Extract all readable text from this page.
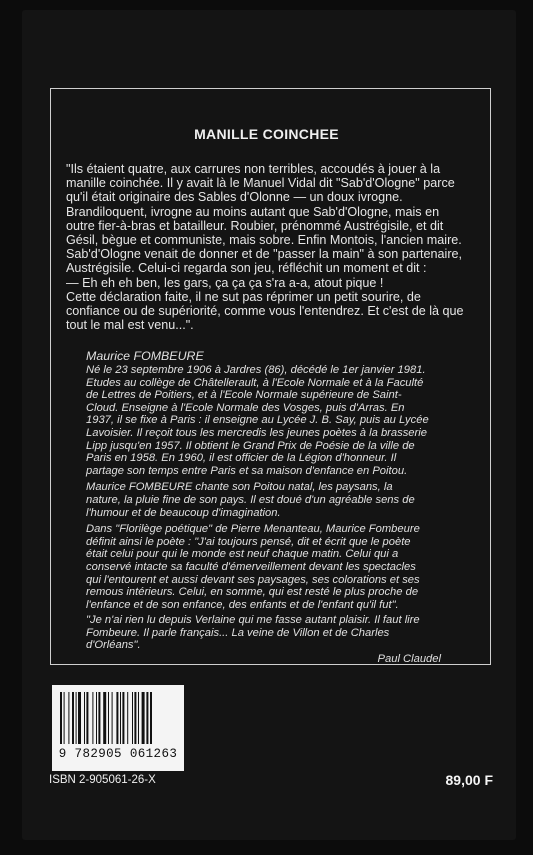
MANILLE COINCHEE

"Ils étaient quatre, aux carrures non terribles, accoudés à jouer à la manille coinchée. Il y avait là le Manuel Vidal dit "Sab'd'Ologne" parce qu'il était originaire des Sables d'Olonne — un doux ivrogne. Brandiloquent, ivrogne au moins autant que Sab'd'Ologne, mais en outre fier-à-bras et batailleur. Roubier, prénommé Austrégisile, et dit Gésil, bègue et communiste, mais sobre. Enfin Montois, l'ancien maire.

Sab'd'Ologne venait de donner et de "passer la main" à son partenaire, Austrégisile. Celui-ci regarda son jeu, réfléchit un moment et dit :

— Eh eh eh ben, les gars, ça ça ça s'ra a-a, atout pique !

Cette déclaration faite, il ne sut pas réprimer un petit sourire, de confiance ou de supériorité, comme vous l'entendrez. Et c'est de là que tout le mal est venu...".

Maurice FOMBEURE

Né le 23 septembre 1906 à Jardres (86), décédé le 1er janvier 1981. Etudes au collège de Châtellerault, à l'Ecole Normale et à la Faculté de Lettres de Poitiers, et à l'Ecole Normale supérieure de Saint-Cloud. Enseigne à l'Ecole Normale des Vosges, puis d'Arras. En 1937, il se fixe à Paris : il enseigne au Lycée J. B. Say, puis au Lycée Lavoisier. Il reçoit tous les mercredis les jeunes poètes à la brasserie Lipp jusqu'en 1957. Il obtient le Grand Prix de Poésie de la ville de Paris en 1958. En 1960, il est officier de la Légion d'honneur. Il partage son temps entre Paris et sa maison d'enfance en Poitou.

Maurice FOMBEURE chante son Poitou natal, les paysans, la nature, la pluie fine de son pays. Il est doué d'un agréable sens de l'humour et de beaucoup d'imagination.

Dans "Florilège poétique" de Pierre Menanteau, Maurice Fombeure définit ainsi le poète : "J'ai toujours pensé, dit et écrit que le poète était celui pour qui le monde est neuf chaque matin. Celui qui a conservé intacte sa faculté d'émerveillement devant les spectacles qui l'entourent et aussi devant ses paysages, ses colorations et ses remous intérieurs. Celui, en somme, qui est resté le plus proche de l'enfance et de son enfance, des enfants et de l'enfant qu'il fut".

"Je n'ai rien lu depuis Verlaine qui me fasse autant plaisir. Il faut lire Fombeure. Il parle français... La veine de Villon et de Charles d'Orléans".
Paul Claudel
9 782905 061263
ISBN 2-905061-26-X	89,00 F
